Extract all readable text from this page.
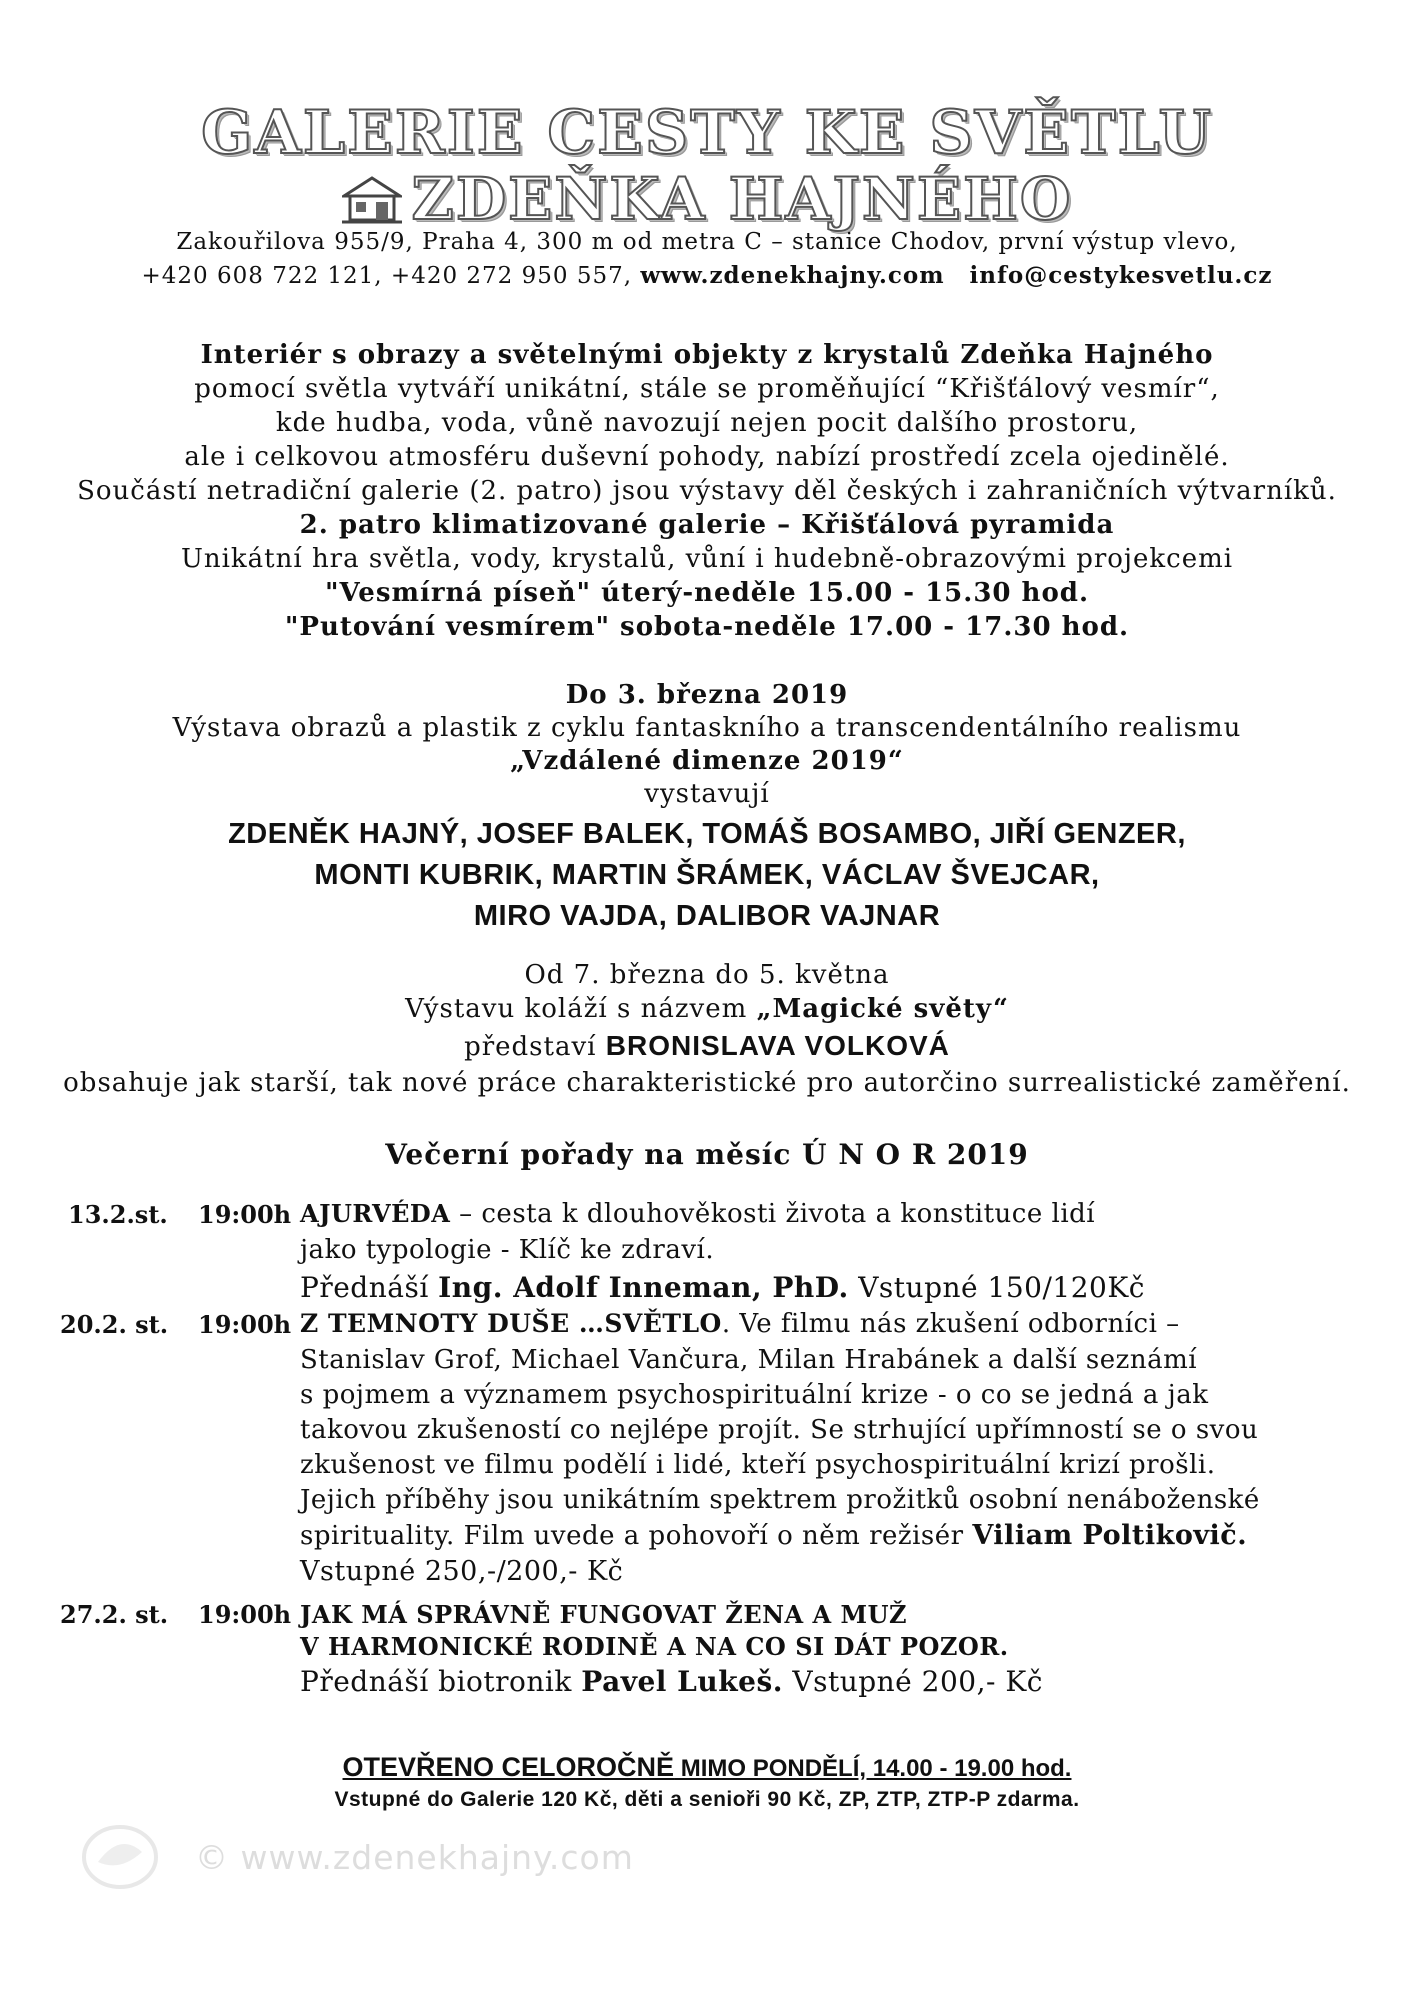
GALERIE CESTY KE SVĚTLU
ZDEŇKA HAJNÉHO
Zakouřilova 955/9, Praha 4, 300 m od metra C – stanice Chodov, první výstup vlevo,
+420 608 722 121, +420 272 950 557, www.zdenekhajny.com info@cestykesvetlu.cz
Interiér s obrazy a světelnými objekty z krystalů Zdeňka Hajného
pomocí světla vytváří unikátní, stále se proměňující “Křišťálový vesmír“,
kde hudba, voda, vůně navozují nejen pocit dalšího prostoru,
ale i celkovou atmosféru duševní pohody, nabízí prostředí zcela ojedinělé.
Součástí netradiční galerie (2. patro) jsou výstavy děl českých i zahraničních výtvarníků.
2. patro klimatizované galerie – Křišťálová pyramida
Unikátní hra světla, vody, krystalů, vůní i hudebně-obrazovými projekcemi
"Vesmírná píseň" úterý-neděle 15.00 - 15.30 hod.
"Putování vesmírem" sobota-neděle 17.00 - 17.30 hod.
Do 3. března 2019
Výstava obrazů a plastik z cyklu fantaskního a transcendentálního realismu
„Vzdálené dimenze 2019“
vystavují
ZDENĚK HAJNÝ, JOSEF BALEK, TOMÁŠ BOSAMBO, JIŘÍ GENZER,
MONTI KUBRIK, MARTIN ŠRÁMEK, VÁCLAV ŠVEJCAR,
MIRO VAJDA, DALIBOR VAJNAR
Od 7. března do 5. května
Výstavu koláží s názvem „Magické světy“
představí BRONISLAVA VOLKOVÁ
obsahuje jak starší, tak nové práce charakteristické pro autorčino surrealistické zaměření.
Večerní pořady na měsíc Ú N O R 2019
13.2.st. 19:00h AJURVÉDA – cesta k dlouhověkosti života a konstituce lidí
jako typologie - Klíč ke zdraví.
Přednáší Ing. Adolf Inneman, PhD. Vstupné 150/120Kč
20.2. st. 19:00h Z TEMNOTY DUŠE …SVĚTLO. Ve filmu nás zkušení odborníci –
Stanislav Grof, Michael Vančura, Milan Hrabánek a další seznámí
s pojmem a významem psychospirituální krize - o co se jedná a jak
takovou zkušeností co nejlépe projít. Se strhující upřímností se o svou
zkušenost ve filmu podělí i lidé, kteří psychospirituální krizí prošli.
Jejich příběhy jsou unikátním spektrem prožitků osobní nenáboženské
spirituality. Film uvede a pohovoří o něm režisér Viliam Poltikovič.
Vstupné 250,-/200,- Kč
27.2. st. 19:00h JAK MÁ SPRÁVNĚ FUNGOVAT ŽENA A MUŽ
V HARMONICKÉ RODINĚ A NA CO SI DÁT POZOR.
Přednáší biotronik Pavel Lukeš. Vstupné 200,- Kč
OTEVŘENO CELOROČNĚ MIMO PONDĚLÍ, 14.00 - 19.00 hod.
Vstupné do Galerie 120 Kč, děti a senioři 90 Kč, ZP, ZTP, ZTP-P zdarma.
© www.zdenekhajny.com
